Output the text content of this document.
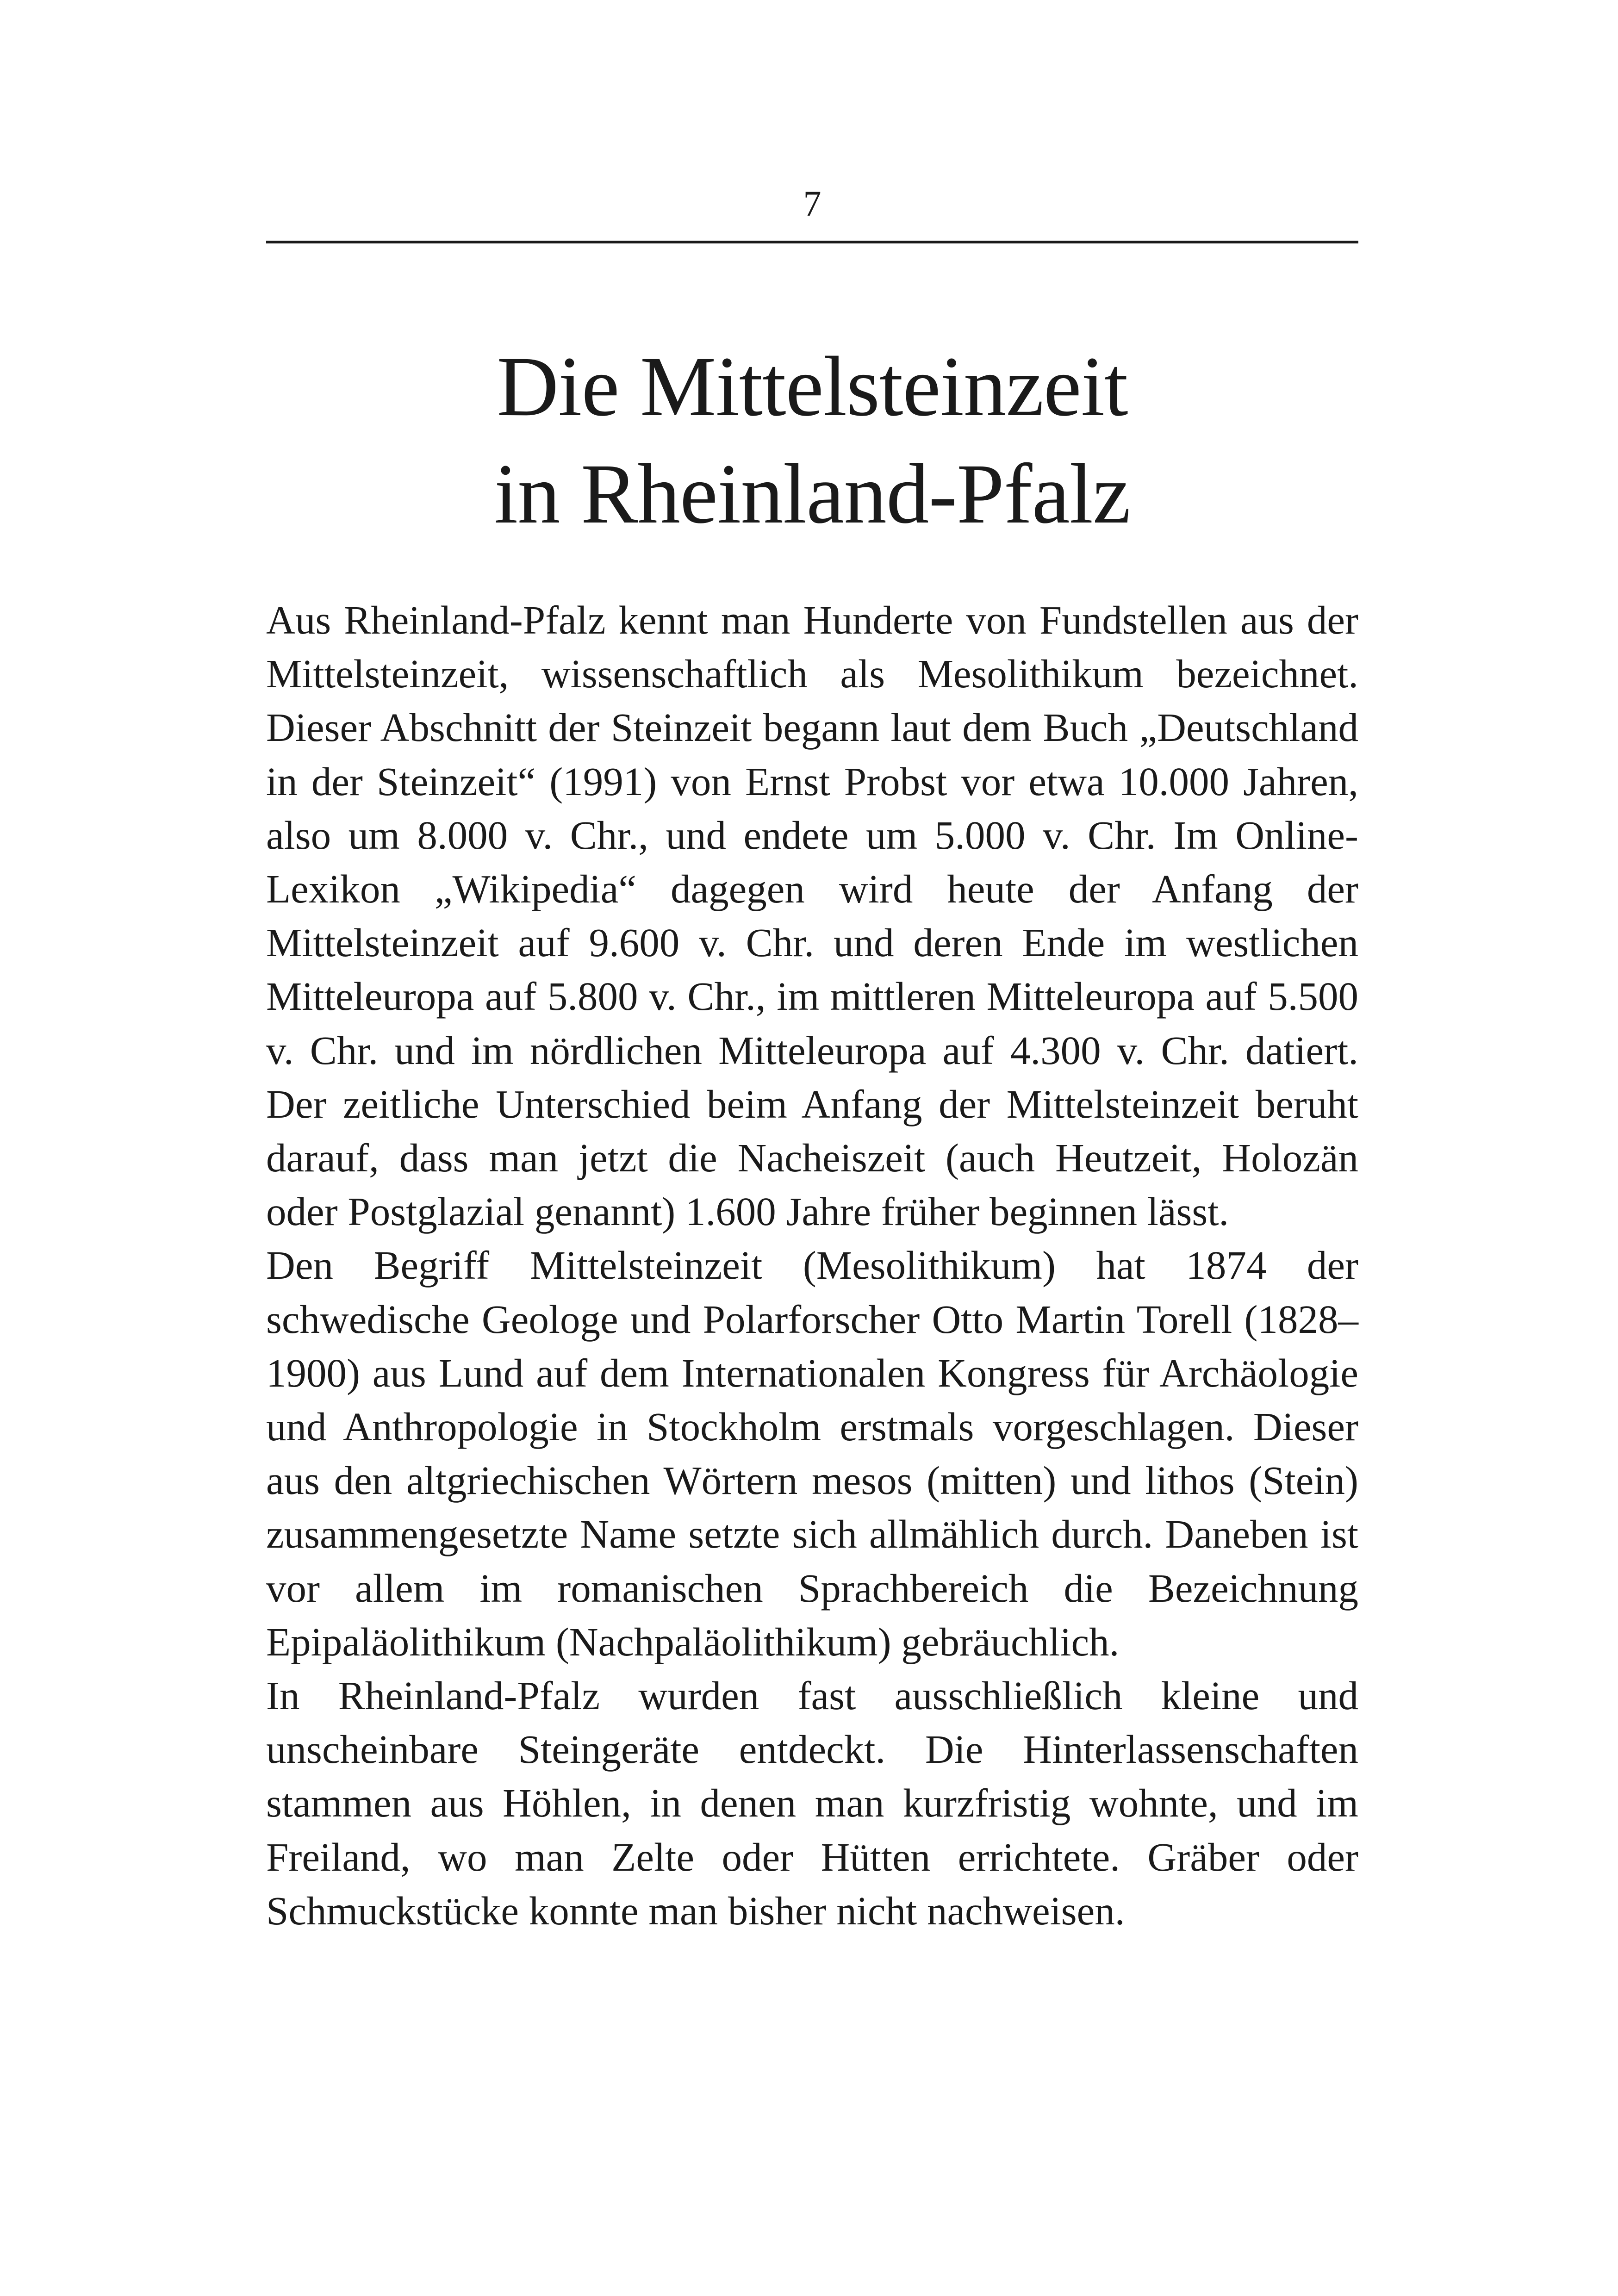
7
Die Mittelsteinzeit
in Rheinland-Pfalz

Aus Rheinland-Pfalz kennt man Hunderte von Fundstellen aus der Mittelsteinzeit, wissenschaftlich als Mesolithikum bezeichnet. Dieser Abschnitt der Steinzeit begann laut dem Buch „Deutschland in der Steinzeit“ (1991) von Ernst Probst vor etwa 10.000 Jahren, also um 8.000 v. Chr., und endete um 5.000 v. Chr. Im Online-Lexikon „Wikipedia“ dagegen wird heute der Anfang der Mittelsteinzeit auf 9.600 v. Chr. und deren Ende im westlichen Mitteleuropa auf 5.800 v. Chr., im mittleren Mitteleuropa auf 5.500 v. Chr. und im nördlichen Mitteleuropa auf 4.300 v. Chr. datiert. Der zeitliche Unterschied beim Anfang der Mittelsteinzeit beruht darauf, dass man jetzt die Nacheiszeit (auch Heutzeit, Holozän oder Postglazial genannt) 1.600 Jahre früher beginnen lässt.

Den Begriff Mittelsteinzeit (Mesolithikum) hat 1874 der schwedische Geologe und Polarforscher Otto Martin Torell (1828–1900) aus Lund auf dem Internationalen Kongress für Archäologie und Anthropologie in Stockholm erstmals vorgeschlagen. Dieser aus den altgriechischen Wörtern mesos (mitten) und lithos (Stein) zusammengesetzte Name setzte sich allmählich durch. Daneben ist vor allem im romanischen Sprachbereich die Bezeichnung Epipaläolithikum (Nachpaläolithikum) gebräuchlich.

In Rheinland-Pfalz wurden fast ausschließlich kleine und unscheinbare Steingeräte entdeckt. Die Hinterlassenschaften stammen aus Höhlen, in denen man kurzfristig wohnte, und im Freiland, wo man Zelte oder Hütten errichtete. Gräber oder Schmuckstücke konnte man bisher nicht nachweisen.
